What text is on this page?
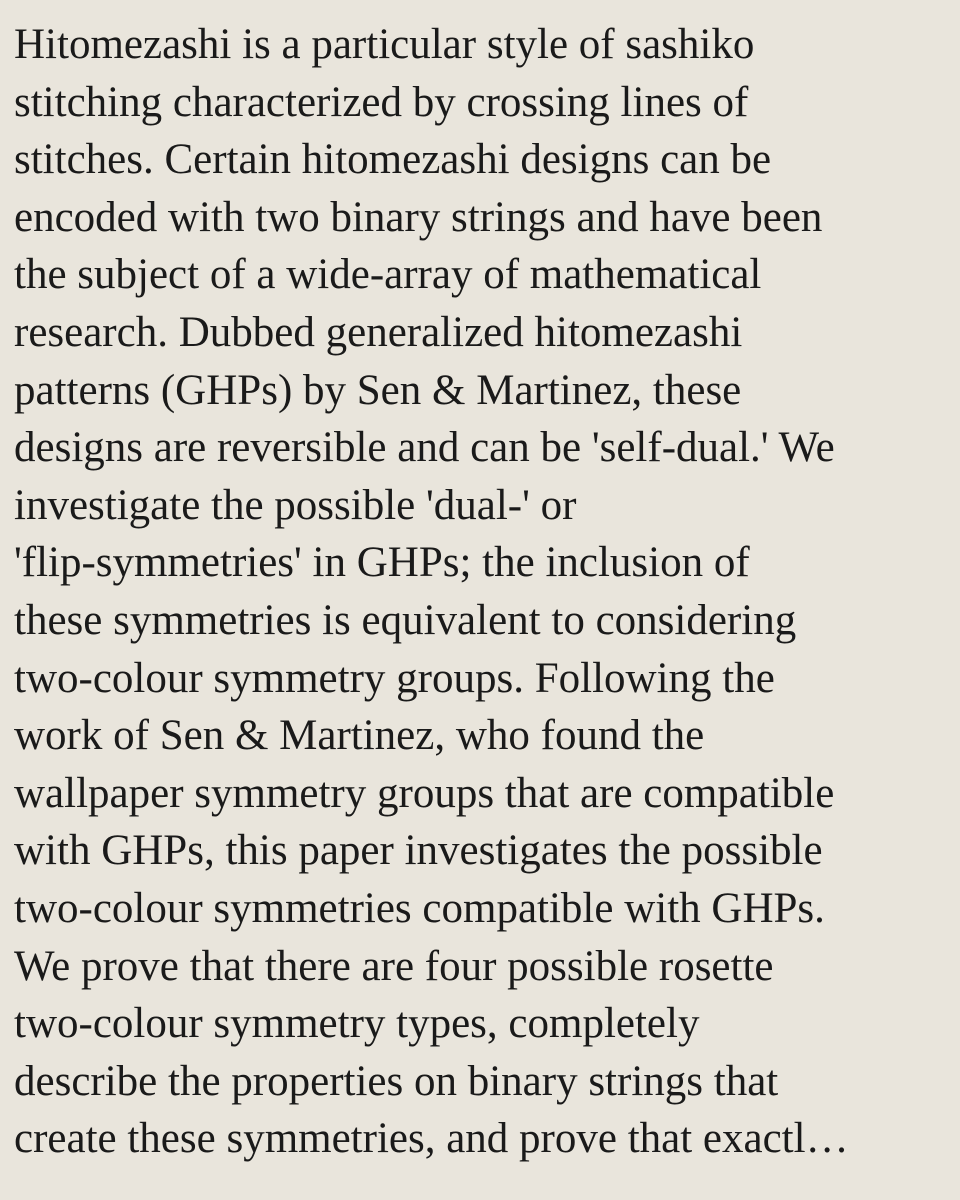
Hitomezashi is a particular style of sashiko
stitching characterized by crossing lines of
stitches. Certain hitomezashi designs can be
encoded with two binary strings and have been
the subject of a wide-array of mathematical
research. Dubbed generalized hitomezashi
patterns (GHPs) by Sen & Martinez, these
designs are reversible and can be 'self-dual.' We
investigate the possible 'dual-' or
'flip-symmetries' in GHPs; the inclusion of
these symmetries is equivalent to considering
two-colour symmetry groups. Following the
work of Sen & Martinez, who found the
wallpaper symmetry groups that are compatible
with GHPs, this paper investigates the possible
two-colour symmetries compatible with GHPs.
We prove that there are four possible rosette
two-colour symmetry types, completely
describe the properties on binary strings that
create these symmetries, and prove that exactl…
